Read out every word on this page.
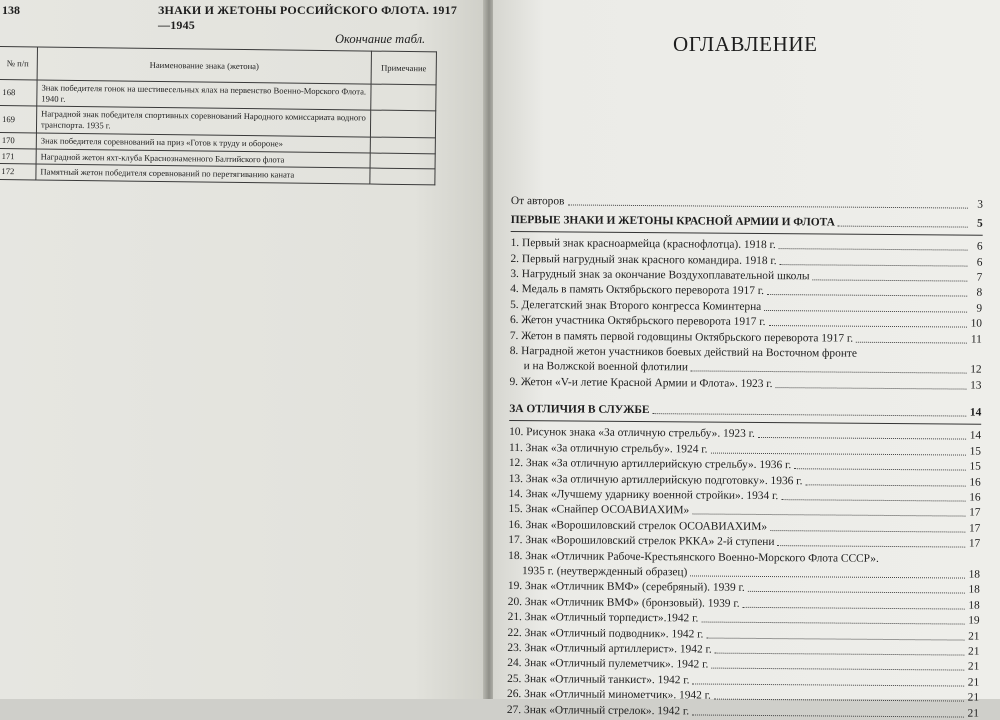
138	ЗНАКИ И ЖЕТОНЫ РОССИЙСКОГО ФЛОТА. 1917—1945
Окончание табл.
№ п/п	Наименование знака (жетона)	Примечание
168	Знак победителя гонок на шестивесельных ялах на первенство Военно-Морского Флота. 1940 г.	
169	Наградной знак победителя спортивных соревнований Народного комиссариата водного транспорта. 1935 г.	
170	Знак победителя соревнований на приз «Готов к труду и обороне»	
171	Наградной жетон яхт-клуба Краснознаменного Балтийского флота	
172	Памятный жетон победителя соревнований по перетягиванию каната	
ОГЛАВЛЕНИЕ
От авторов	3
ПЕРВЫЕ ЗНАКИ И ЖЕТОНЫ КРАСНОЙ АРМИИ И ФЛОТА	5
1. Первый знак красноармейца (краснофлотца). 1918 г.	6
2. Первый нагрудный знак красного командира. 1918 г.	6
3. Нагрудный знак за окончание Воздухоплавательной школы	7
4. Медаль в память Октябрьского переворота 1917 г.	8
5. Делегатский знак Второго конгресса Коминтерна	9
6. Жетон участника Октябрьского переворота 1917 г.	10
7. Жетон в память первой годовщины Октябрьского переворота 1917 г.	11
8. Наградной жетон участников боевых действий на Восточном фронте
и на Волжской военной флотилии	12
9. Жетон «V-и летие Красной Армии и Флота». 1923 г.	13
ЗА ОТЛИЧИЯ В СЛУЖБЕ	14
10. Рисунок знака «За отличную стрельбу». 1923 г.	14
11. Знак «За отличную стрельбу». 1924 г.	15
12. Знак «За отличную артиллерийскую стрельбу». 1936 г.	15
13. Знак «За отличную артиллерийскую подготовку». 1936 г.	16
14. Знак «Лучшему ударнику военной стройки». 1934 г.	16
15. Знак «Снайпер ОСОАВИАХИМ»	17
16. Знак «Ворошиловский стрелок ОСОАВИАХИМ»	17
17. Знак «Ворошиловский стрелок РККА» 2-й ступени	17
18. Знак «Отличник Рабоче-Крестьянского Военно-Морского Флота СССР».
1935 г. (неутвержденный образец)	18
19. Знак «Отличник ВМФ» (серебряный). 1939 г.	18
20. Знак «Отличник ВМФ» (бронзовый). 1939 г.	18
21. Знак «Отличный торпедист».1942 г.	19
22. Знак «Отличный подводник». 1942 г.	21
23. Знак «Отличный артиллерист». 1942 г.	21
24. Знак «Отличный пулеметчик». 1942 г.	21
25. Знак «Отличный танкист». 1942 г.	21
26. Знак «Отличный минометчик». 1942 г.	21
27. Знак «Отличный стрелок». 1942 г.	21
